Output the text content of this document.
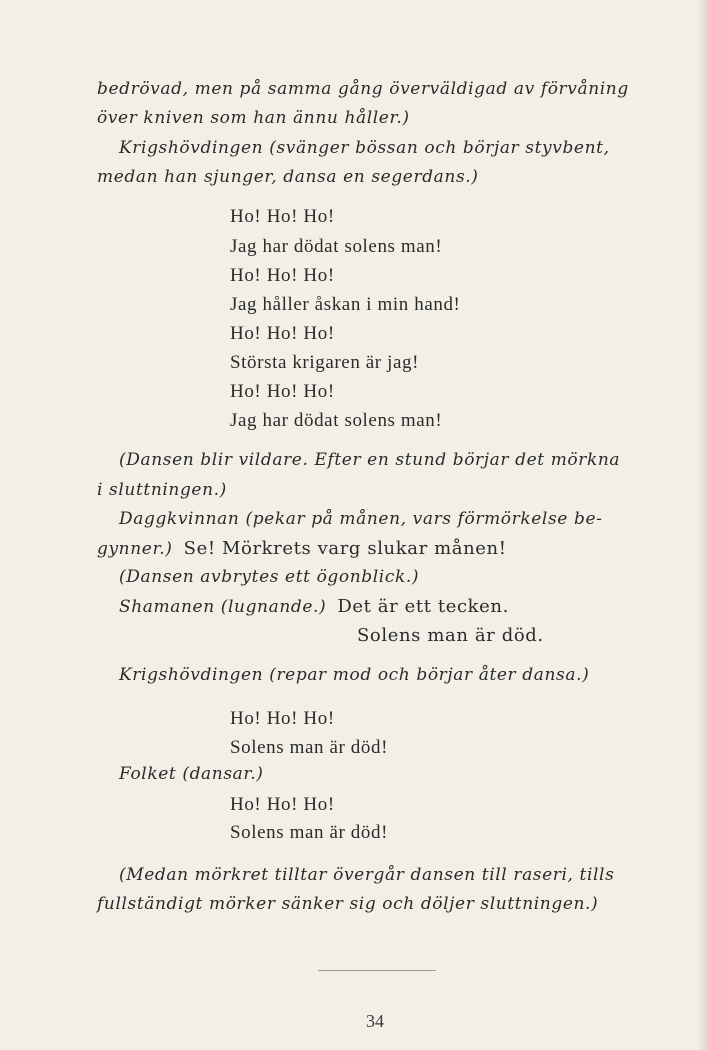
bedrövad, men på samma gång överväldigad av förvåning
över kniven som han ännu håller.)
Krigshövdingen (svänger bössan och börjar styvbent,
medan han sjunger, dansa en segerdans.)
Ho! Ho! Ho!
Jag har dödat solens man!
Ho! Ho! Ho!
Jag håller åskan i min hand!
Ho! Ho! Ho!
Största krigaren är jag!
Ho! Ho! Ho!
Jag har dödat solens man!
(Dansen blir vildare. Efter en stund börjar det mörkna
i sluttningen.)
Daggkvinnan (pekar på månen, vars förmörkelse be-
gynner.) Se! Mörkrets varg slukar månen!
(Dansen avbrytes ett ögonblick.)
Shamanen (lugnande.) Det är ett tecken.
Solens man är död.
Krigshövdingen (repar mod och börjar åter dansa.)
Ho! Ho! Ho!
Solens man är död!
Folket (dansar.)
Ho! Ho! Ho!
Solens man är död!
(Medan mörkret tilltar övergår dansen till raseri, tills
fullständigt mörker sänker sig och döljer sluttningen.)
34
